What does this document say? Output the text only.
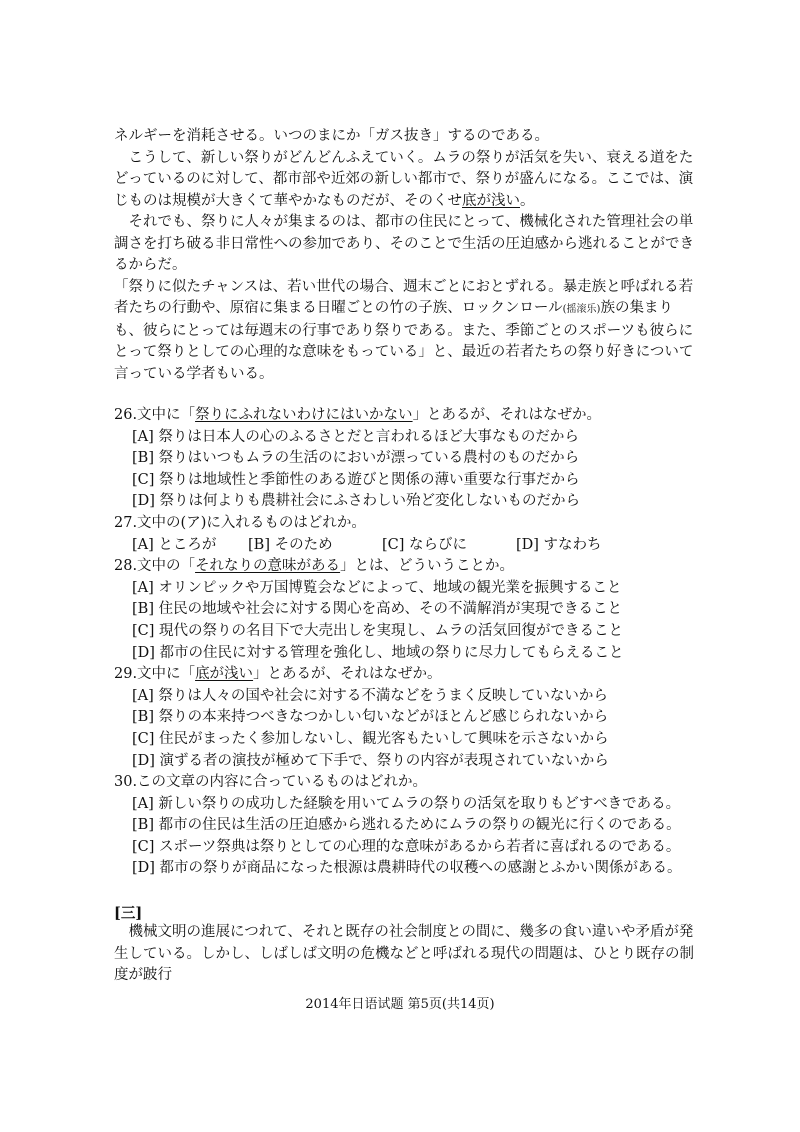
ネルギーを消耗させる。いつのまにか「ガス抜き」するのである。

こうして、新しい祭りがどんどんふえていく。ムラの祭りが活気を失い、衰える道をたどっているのに対して、都市部や近郊の新しい都市で、祭りが盛んになる。ここでは、演じものは規模が大きくて華やかなものだが、そのくせ底が浅い。

それでも、祭りに人々が集まるのは、都市の住民にとって、機械化された管理社会の単調さを打ち破る非日常性への参加であり、そのことで生活の圧迫感から逃れることができるからだ。

「祭りに似たチャンスは、若い世代の場合、週末ごとにおとずれる。暴走族と呼ばれる若者たちの行動や、原宿に集まる日曜ごとの竹の子族、ロックンロール(摇滚乐)族の集まりも、彼らにとっては毎週末の行事であり祭りである。また、季節ごとのスポーツも彼らにとって祭りとしての心理的な意味をもっている」と、最近の若者たちの祭り好きについて言っている学者もいる。

26.文中に「祭りにふれないわけにはいかない」とあるが、それはなぜか。

[A] 祭りは日本人の心のふるさとだと言われるほど大事なものだから

[B] 祭りはいつもムラの生活のにおいが漂っている農村のものだから

[C] 祭りは地域性と季節性のある遊びと関係の薄い重要な行事だから

[D] 祭りは何よりも農耕社会にふさわしい殆ど変化しないものだから

27.文中の(ア)に入れるものはどれか。

[A] ところが	[B] そのため	[C] ならびに	[D] すなわち

28.文中の「それなりの意味がある」とは、どういうことか。

[A] オリンピックや万国博覧会などによって、地域の観光業を振興すること

[B] 住民の地域や社会に対する関心を高め、その不満解消が実現できること

[C] 現代の祭りの名目下で大売出しを実現し、ムラの活気回復ができること

[D] 都市の住民に対する管理を強化し、地域の祭りに尽力してもらえること

29.文中に「底が浅い」とあるが、それはなぜか。

[A] 祭りは人々の国や社会に対する不満などをうまく反映していないから

[B] 祭りの本来持つべきなつかしい匂いなどがほとんど感じられないから

[C] 住民がまったく参加しないし、観光客もたいして興味を示さないから

[D] 演ずる者の演技が極めて下手で、祭りの内容が表現されていないから

30.この文章の内容に合っているものはどれか。

[A] 新しい祭りの成功した経験を用いてムラの祭りの活気を取りもどすべきである。

[B] 都市の住民は生活の圧迫感から逃れるためにムラの祭りの観光に行くのである。

[C] スポーツ祭典は祭りとしての心理的な意味があるから若者に喜ばれるのである。

[D] 都市の祭りが商品になった根源は農耕時代の収穫への感謝とふかい関係がある。

[三]

機械文明の進展につれて、それと既存の社会制度との間に、幾多の食い違いや矛盾が発生している。しかし、しばしば文明の危機などと呼ばれる現代の問題は、ひとり既存の制度が跛行

2014年日语试题 第5页(共14页)
